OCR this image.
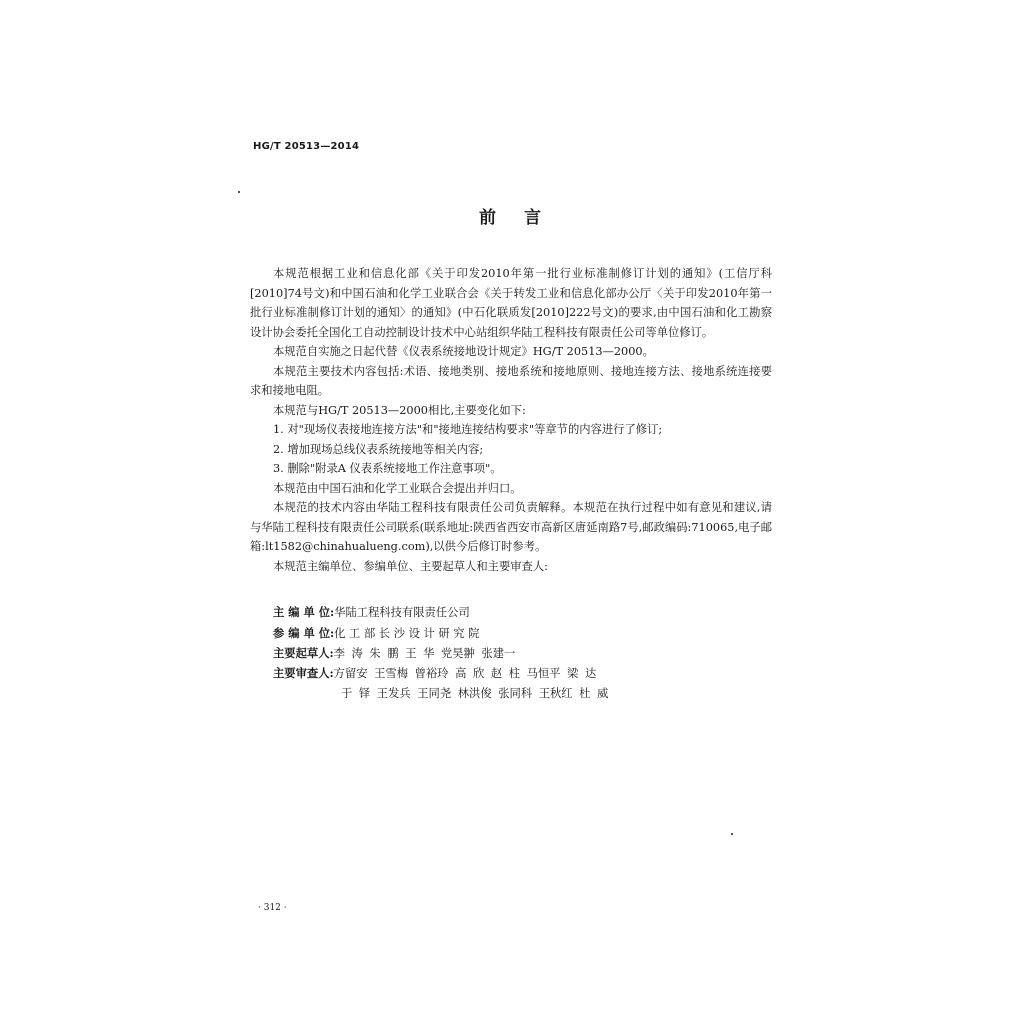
HG/T 20513—2014
前言

本规范根据工业和信息化部《关于印发2010年第一批行业标准制修订计划的通知》(工信厅科[2010]74号文)和中国石油和化学工业联合会《关于转发工业和信息化部办公厅〈关于印发2010年第一批行业标准制修订计划的通知〉的通知》(中石化联质发[2010]222号文)的要求,由中国石油和化工勘察设计协会委托全国化工自动控制设计技术中心站组织华陆工程科技有限责任公司等单位修订。

本规范自实施之日起代替《仪表系统接地设计规定》HG/T 20513—2000。

本规范主要技术内容包括:术语、接地类别、接地系统和接地原则、接地连接方法、接地系统连接要求和接地电阻。

本规范与HG/T 20513—2000相比,主要变化如下:

1. 对"现场仪表接地连接方法"和"接地连接结构要求"等章节的内容进行了修订;

2. 增加现场总线仪表系统接地等相关内容;

3. 删除"附录A 仪表系统接地工作注意事项"。

本规范由中国石油和化学工业联合会提出并归口。

本规范的技术内容由华陆工程科技有限责任公司负责解释。本规范在执行过程中如有意见和建议,请与华陆工程科技有限责任公司联系(联系地址:陕西省西安市高新区唐延南路7号,邮政编码:710065,电子邮箱:lt1582@chinahualueng.com),以供今后修订时参考。

本规范主编单位、参编单位、主要起草人和主要审查人:

主 编 单 位:华陆工程科技有限责任公司
参 编 单 位:化 工 部 长 沙 设 计 研 究 院
主要起草人:李 涛 朱 鹏 王 华 党昊翀 张建一
主要审查人:方留安 王雪梅 曾裕玲 高 欣 赵 柱 马恒平 梁 达
于 铎 王发兵 王同尧 林洪俊 张同科 王秋红 杜 威
· 312 ·
